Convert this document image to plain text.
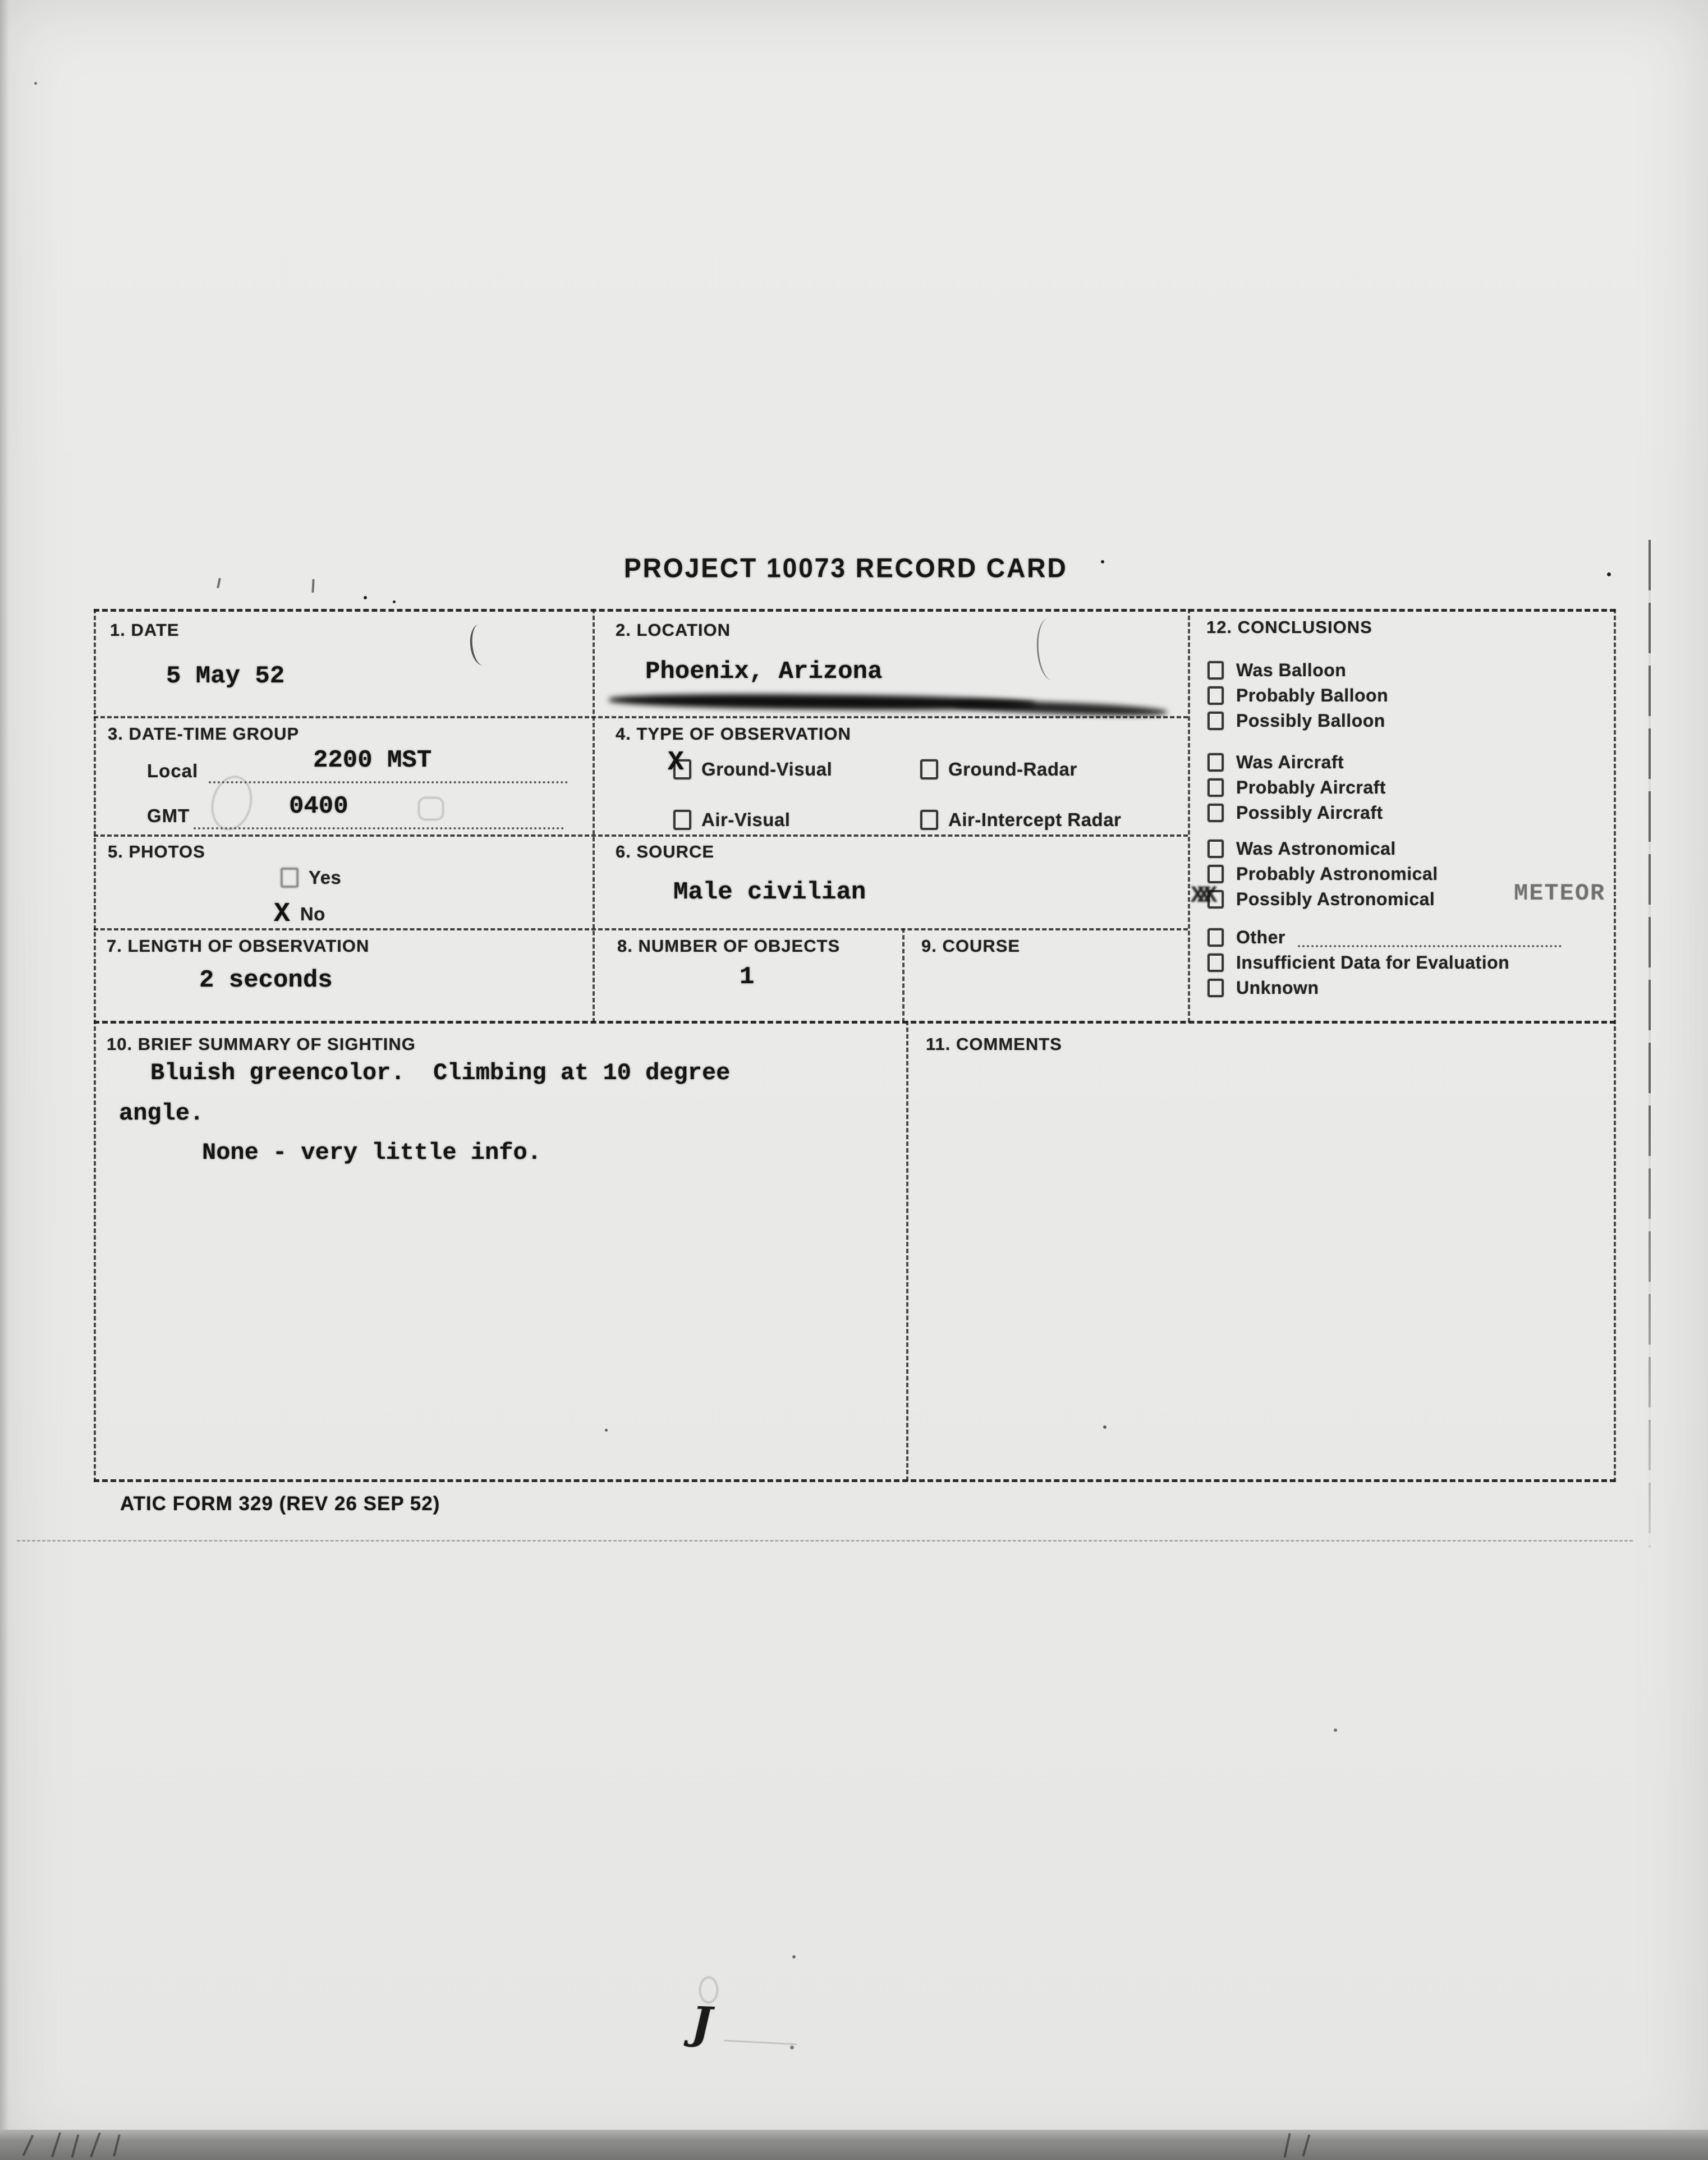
PROJECT 10073 RECORD CARD
1. DATE
5 May 52
2. LOCATION
Phoenix, Arizona
3. DATE-TIME GROUP
Local	2200 MST
GMT	0400
4. TYPE OF OBSERVATION
X Ground-Visual	Ground-Radar
Air-Visual	Air-Intercept Radar
5. PHOTOS
Yes
X No
6. SOURCE
Male civilian
7. LENGTH OF OBSERVATION
2 seconds
8. NUMBER OF OBJECTS
1
9. COURSE
10. BRIEF SUMMARY OF SIGHTING
Bluish greencolor.  Climbing at 10 degree
angle.
None - very little info.
11. COMMENTS
12. CONCLUSIONS
Was Balloon
Probably Balloon
Possibly Balloon
Was Aircraft
Probably Aircraft
Possibly Aircraft
Was Astronomical
Probably Astronomical
XXX Possibly Astronomical	METEOR
Other
Insufficient Data for Evaluation
Unknown
ATIC FORM 329 (REV 26 SEP 52)
J
